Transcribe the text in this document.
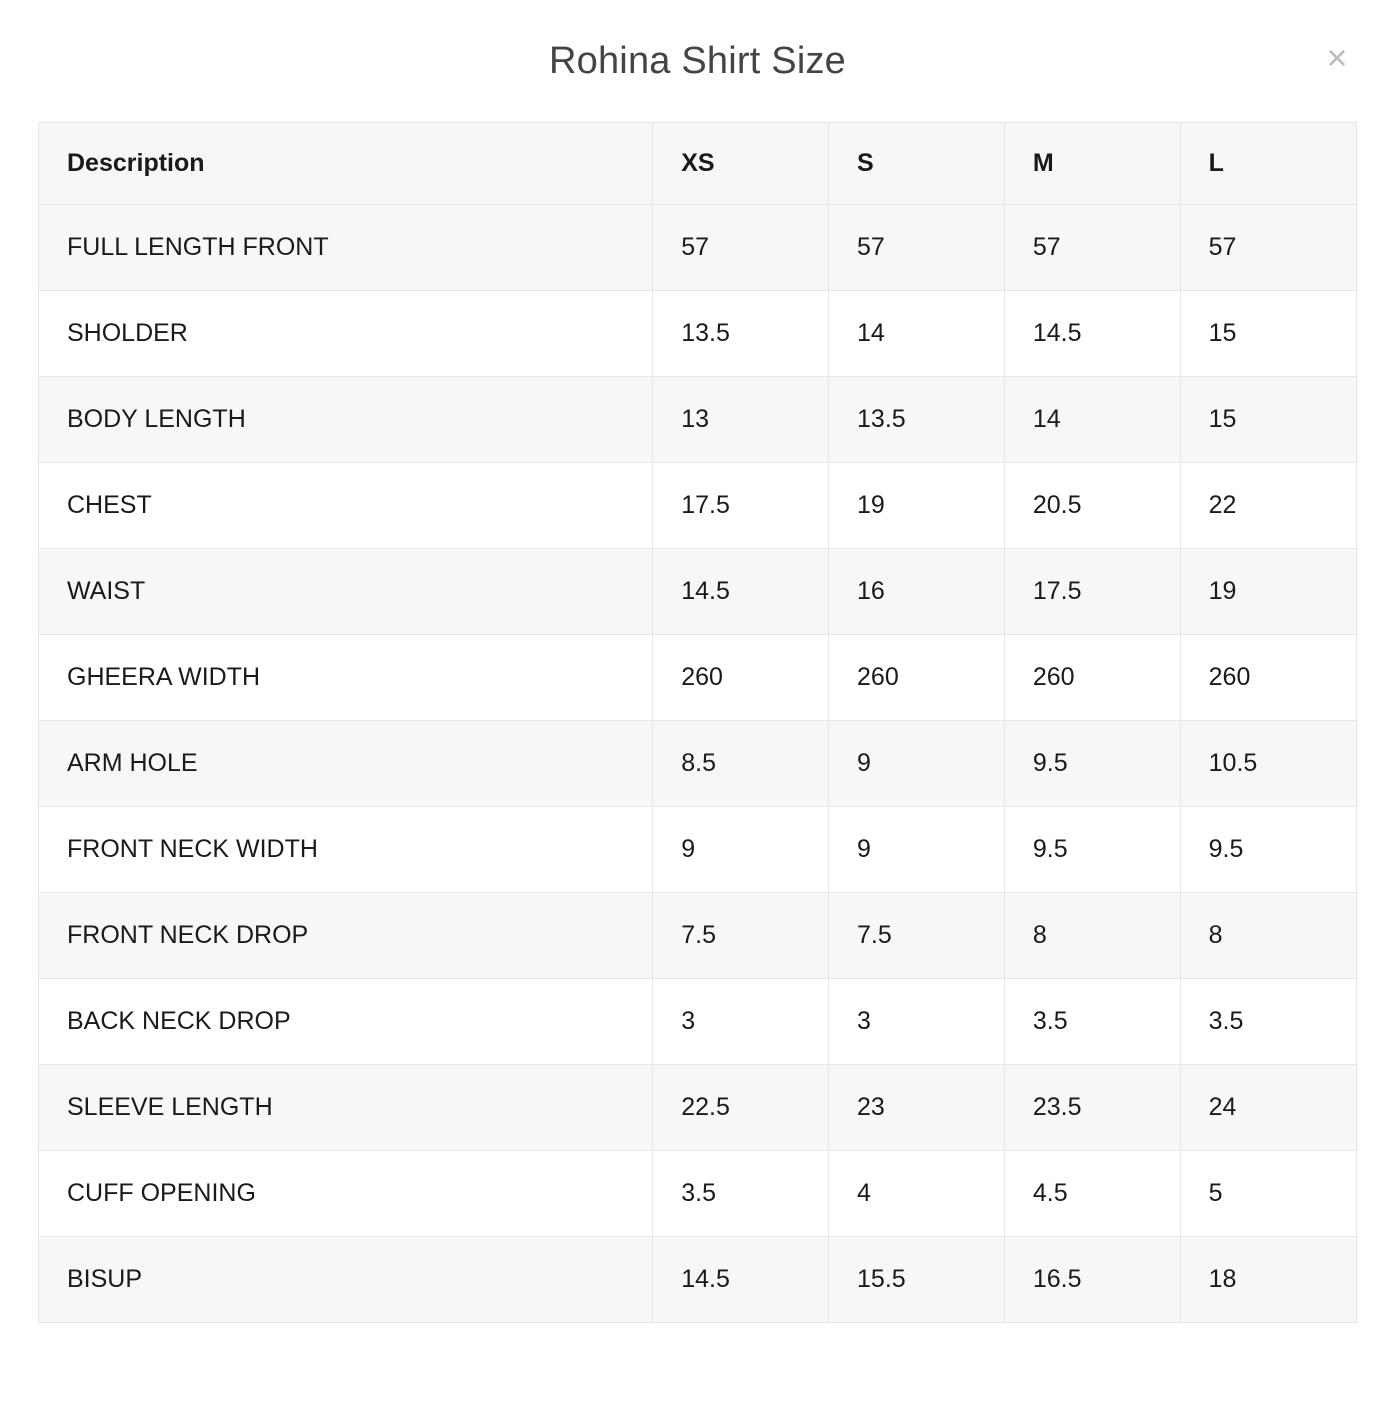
Rohina Shirt Size	×
Description	XS	S	M	L
FULL LENGTH FRONT	57	57	57	57
SHOLDER	13.5	14	14.5	15
BODY LENGTH	13	13.5	14	15
CHEST	17.5	19	20.5	22
WAIST	14.5	16	17.5	19
GHEERA WIDTH	260	260	260	260
ARM HOLE	8.5	9	9.5	10.5
FRONT NECK WIDTH	9	9	9.5	9.5
FRONT NECK DROP	7.5	7.5	8	8
BACK NECK DROP	3	3	3.5	3.5
SLEEVE LENGTH	22.5	23	23.5	24
CUFF OPENING	3.5	4	4.5	5
BISUP	14.5	15.5	16.5	18
